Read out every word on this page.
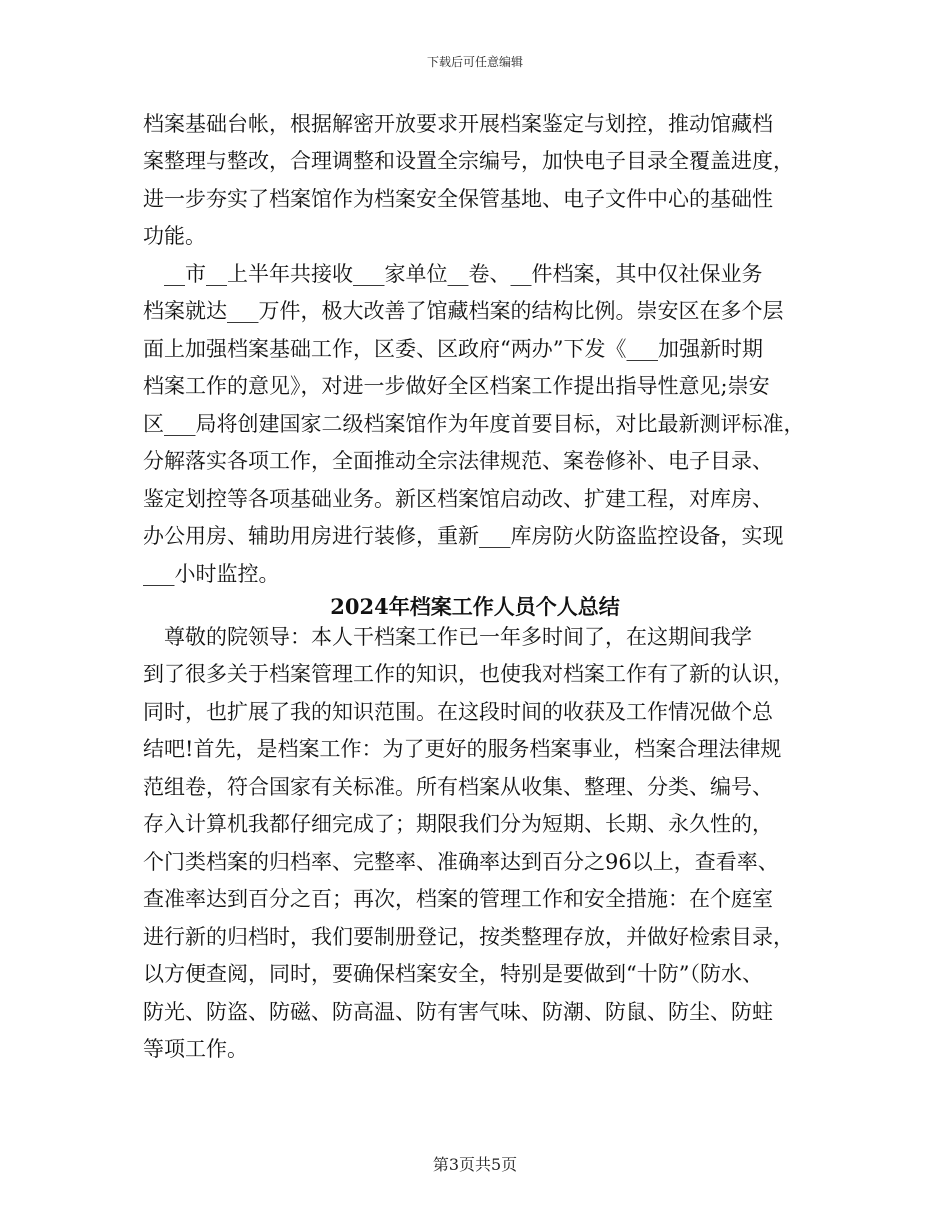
下载后可任意编辑
档案基础台帐，根据解密开放要求开展档案鉴定与划控，推动馆藏档
案整理与整改，合理调整和设置全宗编号，加快电子目录全覆盖进度，
进一步夯实了档案馆作为档案安全保管基地、电子文件中心的基础性
功能。
　__市__上半年共接收___家单位__卷、__件档案，其中仅社保业务
档案就达___万件，极大改善了馆藏档案的结构比例。崇安区在多个层
面上加强档案基础工作，区委、区政府“两办”下发《___加强新时期
档案工作的意见》，对进一步做好全区档案工作提出指导性意见;崇安
区___局将创建国家二级档案馆作为年度首要目标，对比最新测评标准，
分解落实各项工作，全面推动全宗法律规范、案卷修补、电子目录、
鉴定划控等各项基础业务。新区档案馆启动改、扩建工程，对库房、
办公用房、辅助用房进行装修，重新___库房防火防盗监控设备，实现
___小时监控。
　尊敬的院领导：本人干档案工作已一年多时间了，在这期间我学
到了很多关于档案管理工作的知识，也使我对档案工作有了新的认识，
同时，也扩展了我的知识范围。在这段时间的收获及工作情况做个总
结吧!首先，是档案工作：为了更好的服务档案事业，档案合理法律规
范组卷，符合国家有关标准。所有档案从收集、整理、分类、编号、
存入计算机我都仔细完成了；期限我们分为短期、长期、永久性的，
个门类档案的归档率、完整率、准确率达到百分之96以上，查看率、
查准率达到百分之百；再次，档案的管理工作和安全措施：在个庭室
进行新的归档时，我们要制册登记，按类整理存放，并做好检索目录，
以方便查阅，同时，要确保档案安全，特别是要做到“十防”（防水、
防光、防盗、防磁、防高温、防有害气味、防潮、防鼠、防尘、防蛀
等项工作。
2024年档案工作人员个人总结
第3页共5页
